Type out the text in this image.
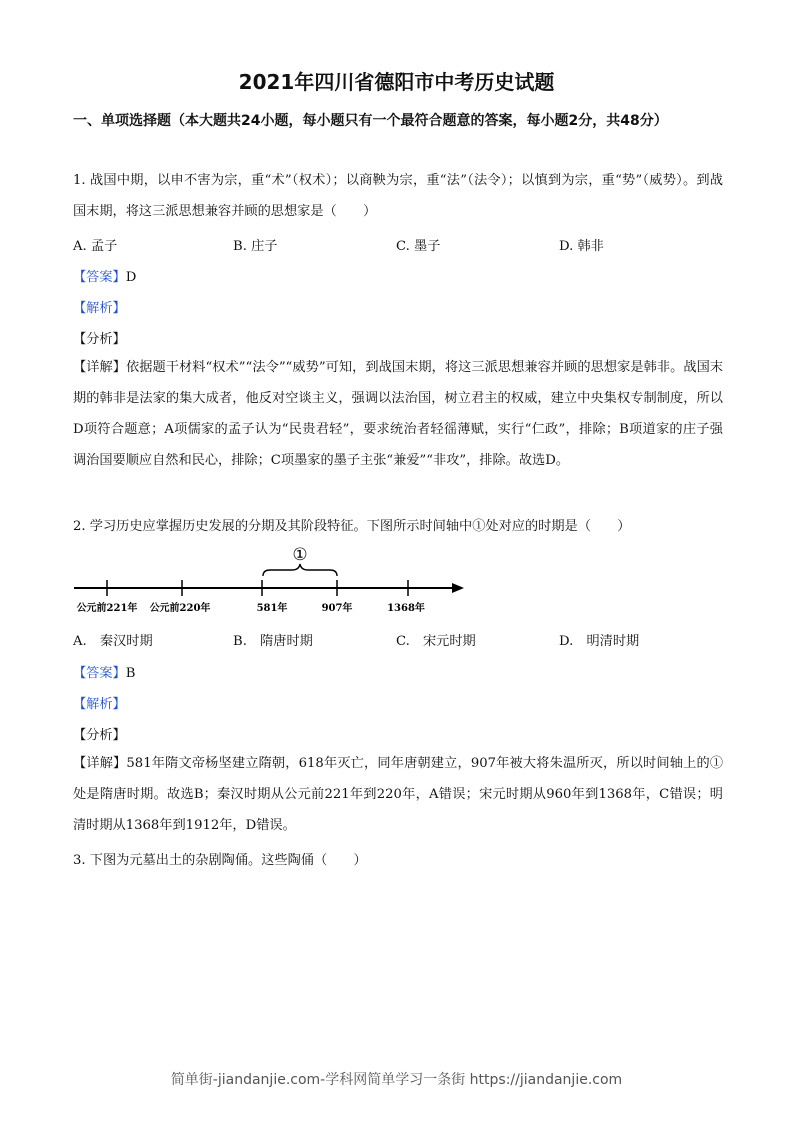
2021年四川省德阳市中考历史试题
一、单项选择题（本大题共24小题，每小题只有一个最符合题意的答案，每小题2分，共48分）
1. 战国中期，以申不害为宗，重“术”（权术）；以商鞅为宗，重“法”（法令）；以慎到为宗，重“势”（威势）。到战国末期，将这三派思想兼容并顾的思想家是（　　）
A. 孟子	B. 庄子	C. 墨子	D. 韩非
【答案】D
【解析】
【分析】
【详解】依据题干材料“权术”“法令”“威势”可知，到战国末期，将这三派思想兼容并顾的思想家是韩非。战国末期的韩非是法家的集大成者，他反对空谈主义，强调以法治国，树立君主的权威，建立中央集权专制制度，所以D项符合题意；A项儒家的孟子认为“民贵君轻”，要求统治者轻徭薄赋，实行“仁政”，排除；B项道家的庄子强调治国要顺应自然和民心，排除；C项墨家的墨子主张“兼爱”“非攻”，排除。故选D。
2. 学习历史应掌握历史发展的分期及其阶段特征。下图所示时间轴中①处对应的时期是（　　）
①
公元前221年 公元前220年	581年	907年	1368年
A.　秦汉时期	B.　隋唐时期	C.　宋元时期	D.　明清时期
【答案】B
【解析】
【分析】
【详解】581年隋文帝杨坚建立隋朝，618年灭亡，同年唐朝建立，907年被大将朱温所灭，所以时间轴上的①处是隋唐时期。故选B；秦汉时期从公元前221年到220年，A错误；宋元时期从960年到1368年，C错误；明清时期从1368年到1912年，D错误。
3. 下图为元墓出土的杂剧陶俑。这些陶俑（　　）
简单街-jiandanjie.com-学科网简单学习一条街 https://jiandanjie.com
